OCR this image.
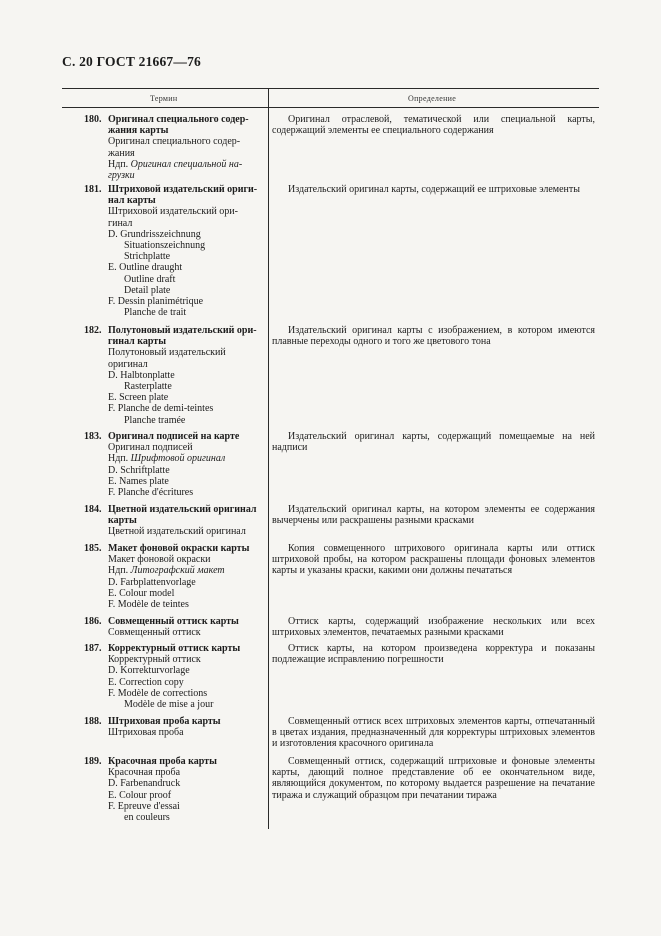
С. 20 ГОСТ 21667—76
Термин	Определение
180. Оригинал специального содер-
жания карты
Оригинал специального содер-
жания
Ндп. Оригинал специальной на-
грузки
Оригинал отраслевой, тематической или специальной карты, содержащий элементы ее специального содержания
181. Штриховой издательский ориги-
нал карты
Штриховой издательский ори-
гинал
D. Grundrisszeichnung
Situationszeichnung
Strichplatte
E. Outline draught
Outline draft
Detail plate
F. Dessin planimétrique
Planche de trait
Издательский оригинал карты, содержащий ее штриховые элементы
182. Полутоновый издательский ори-
гинал карты
Полутоновый издательский
оригинал
D. Halbtonplatte
Rasterplatte
E. Screen plate
F. Planche de demi-teintes
Planche tramée
Издательский оригинал карты с изображением, в котором имеются плавные переходы одного и того же цветового тона
183. Оригинал подписей на карте
Оригинал подписей
Ндп. Шрифтовой оригинал
D. Schriftplatte
E. Names plate
F. Planche d'écritures
Издательский оригинал карты, содержащий помещаемые на ней надписи
184. Цветной издательский оригинал
карты
Цветной издательский оригинал
Издательский оригинал карты, на котором элементы ее содержания вычерчены или раскрашены разными красками
185. Макет фоновой окраски карты
Макет фоновой окраски
Ндп. Литографский макет
D. Farbplattenvorlage
E. Colour model
F. Modèle de teintes
Копия совмещенного штрихового оригинала карты или оттиск штриховой пробы, на котором раскрашены площади фоновых элементов карты и указаны краски, какими они должны печататься
186. Совмещенный оттиск карты
Совмещенный оттиск
Оттиск карты, содержащий изображение нескольких или всех штриховых элементов, печатаемых разными красками
187. Корректурный оттиск карты
Корректурный оттиск
D. Korrekturvorlage
E. Correction copy
F. Modèle de corrections
Modèle de mise a jour
Оттиск карты, на котором произведена корректура и показаны подлежащие исправлению погрешности
188. Штриховая проба карты
Штриховая проба
Совмещенный оттиск всех штриховых элементов карты, отпечатанный в цветах издания, предназначенный для корректуры штриховых элементов и изготовления красочного оригинала
189. Красочная проба карты
Красочная проба
D. Farbenandruck
E. Colour proof
F. Epreuve d'essai
en couleurs
Совмещенный оттиск, содержащий штриховые и фоновые элементы карты, дающий полное представление об ее окончательном виде, являющийся документом, по которому выдается разрешение на печатание тиража и служащий образцом при печатании тиража
